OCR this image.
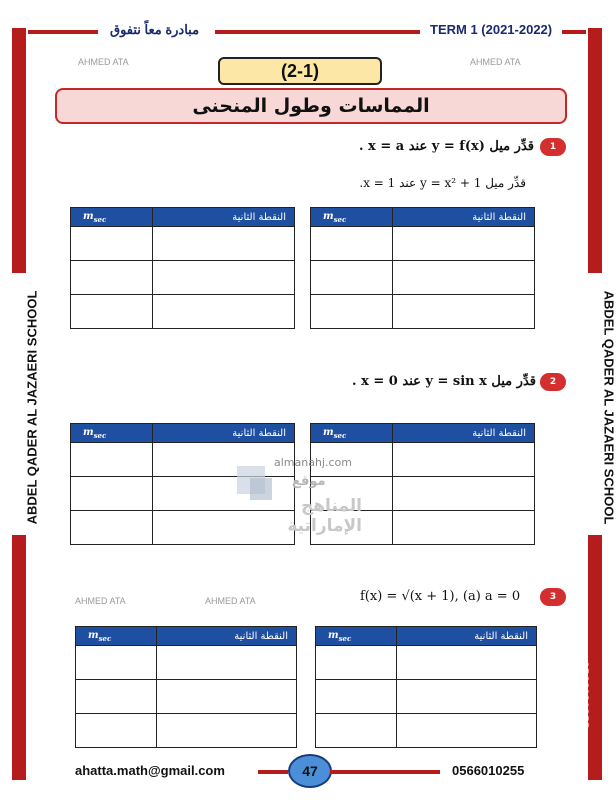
AHMED ATA
AHMED ATA
0566010255
AHMED ATA
AHMED ATA
0566010255
ABDEL QADER AL JAZAERI SCHOOL	ABDEL QADER AL JAZAERI SCHOOL
مبادرة معاً نتفوق	TERM 1 (2021-2022)
AHMED ATA	AHMED ATA
AHMED ATA	AHMED ATA
(2-1)
المماسات وطول المنحنى
1
قدِّر ميل y = f(x) عند x = a .
قدِّر ميل y = x² + 1 عند x = 1.
$m_{sec}$	النقطة الثانية

		$m_{sec}$	النقطة الثانية

2
قدِّر ميل y = sin x عند x = 0 .
$m_{sec}$	النقطة الثانية

		$m_{sec}$	النقطة الثانية

almanahj.com
موقع
المناهج الإماراتية
3
f(x) = √(x + 1), (a) a = 0
$m_{sec}$	النقطة الثانية

		$m_{sec}$	النقطة الثانية

ahatta.math@gmail.com	47	0566010255
